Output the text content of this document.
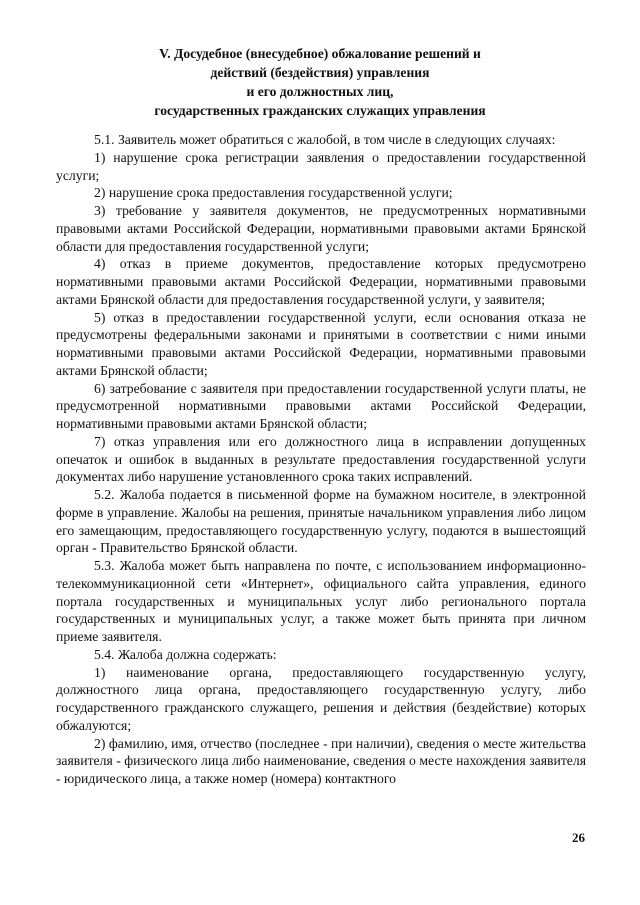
V. Досудебное (внесудебное) обжалование решений и
действий (бездействия) управления
и его должностных лиц,
государственных гражданских служащих управления

5.1. Заявитель может обратиться с жалобой, в том числе в следующих случаях:

1) нарушение срока регистрации заявления о предоставлении государственной услуги;

2) нарушение срока предоставления государственной услуги;

3) требование у заявителя документов, не предусмотренных нормативными правовыми актами Российской Федерации, нормативными правовыми актами Брянской области для предоставления государственной услуги;

4) отказ в приеме документов, предоставление которых предусмотрено нормативными правовыми актами Российской Федерации, нормативными правовыми актами Брянской области для предоставления государственной услуги, у заявителя;

5) отказ в предоставлении государственной услуги, если основания отказа не предусмотрены федеральными законами и принятыми в соответствии с ними иными нормативными правовыми актами Российской Федерации, нормативными правовыми актами Брянской области;

6) затребование с заявителя при предоставлении государственной услуги платы, не предусмотренной нормативными правовыми актами Российской Федерации, нормативными правовыми актами Брянской области;

7) отказ управления или его должностного лица в исправлении допущенных опечаток и ошибок в выданных в результате предоставления государственной услуги документах либо нарушение установленного срока таких исправлений.

5.2. Жалоба подается в письменной форме на бумажном носителе, в электронной форме в управление. Жалобы на решения, принятые начальником управления либо лицом его замещающим, предоставляющего государственную услугу, подаются в вышестоящий орган - Правительство Брянской области.

5.3. Жалоба может быть направлена по почте, с использованием информационно-телекоммуникационной сети «Интернет», официального сайта управления, единого портала государственных и муниципальных услуг либо регионального портала государственных и муниципальных услуг, а также может быть принята при личном приеме заявителя.

5.4. Жалоба должна содержать:

1) наименование органа, предоставляющего государственную услугу, должностного лица органа, предоставляющего государственную услугу, либо государственного гражданского служащего, решения и действия (бездействие) которых обжалуются;

2) фамилию, имя, отчество (последнее - при наличии), сведения о месте жительства заявителя - физического лица либо наименование, сведения о месте нахождения заявителя - юридического лица, а также номер (номера) контактного

26
